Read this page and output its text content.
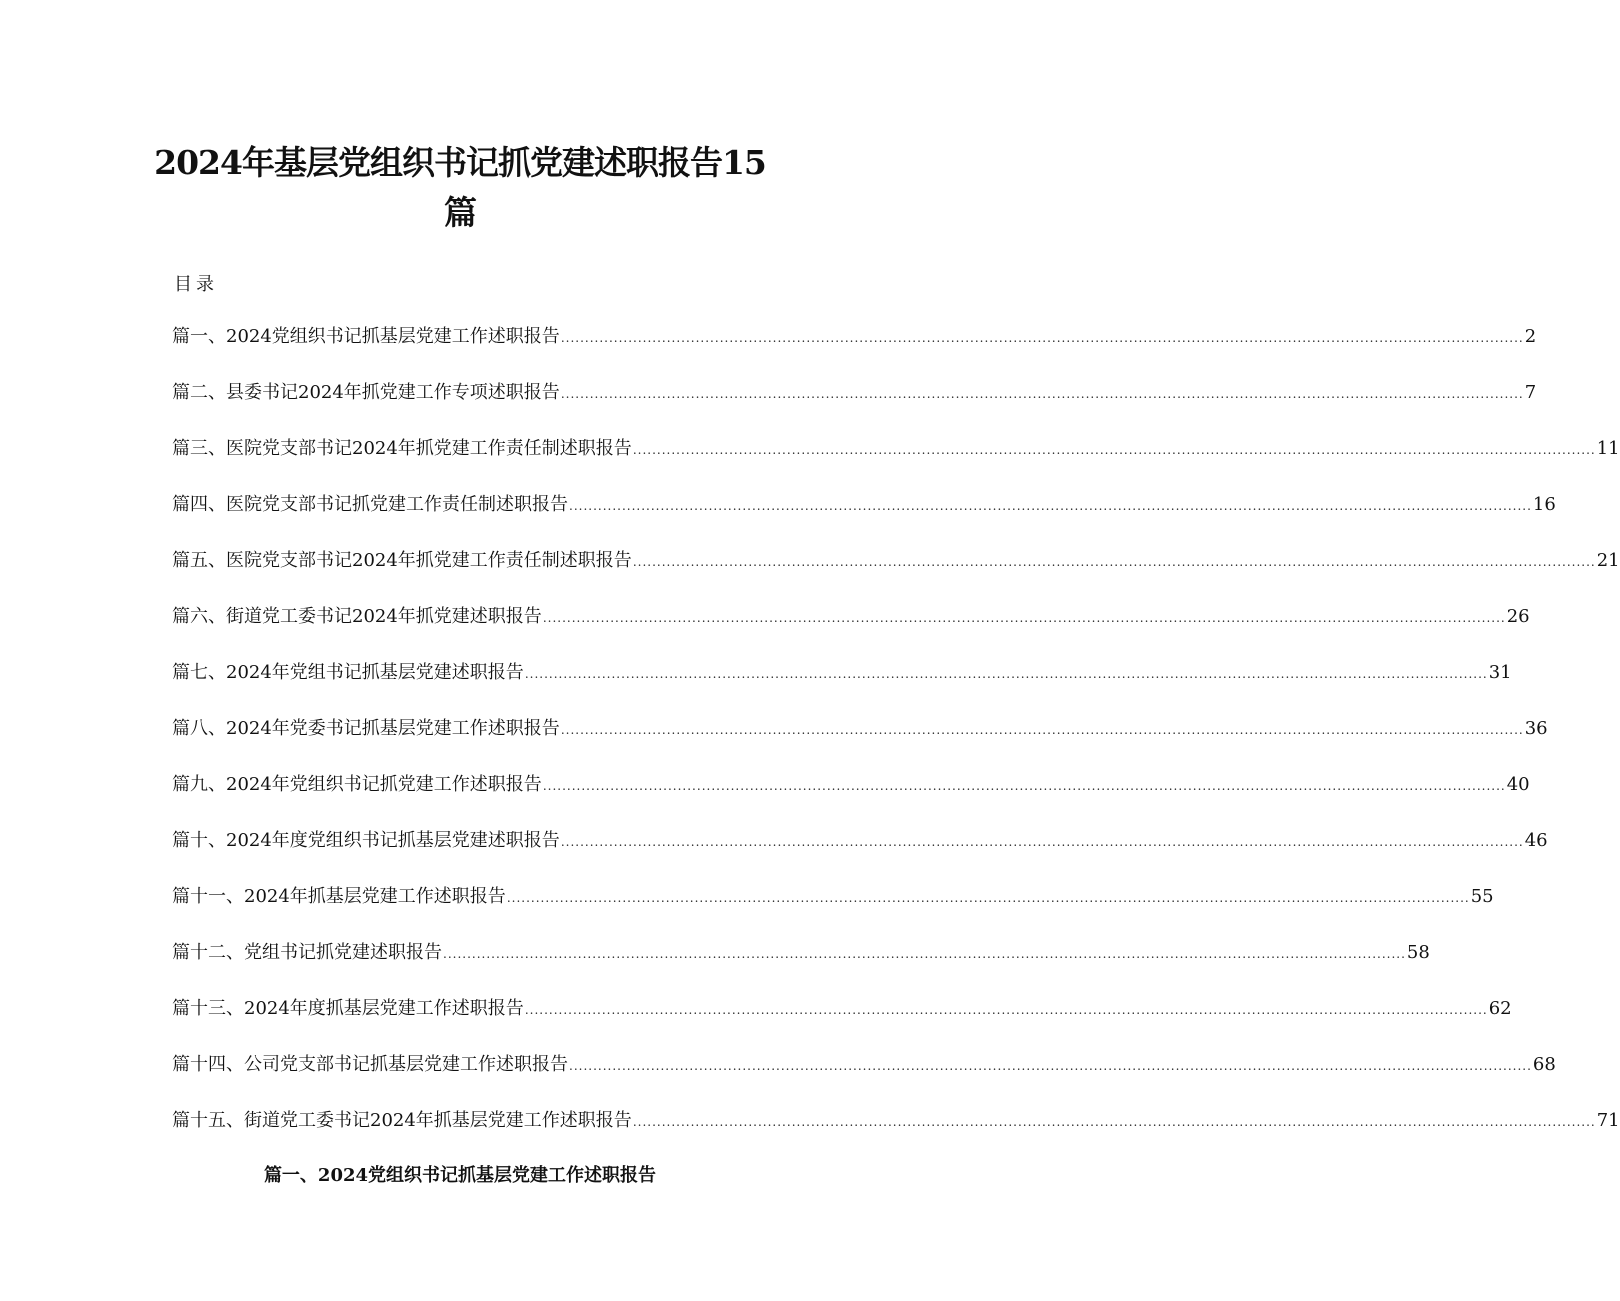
2024年基层党组织书记抓党建述职报告15篇
目录
篇一、2024党组织书记抓基层党建工作述职报告 ........................................................................................................................................................................................................ 2
篇二、县委书记2024年抓党建工作专项述职报告 ........................................................................................................................................................................................................ 7
篇三、医院党支部书记2024年抓党建工作责任制述职报告 ........................................................................................................................................................................................................ 11
篇四、医院党支部书记抓党建工作责任制述职报告 ........................................................................................................................................................................................................ 16
篇五、医院党支部书记2024年抓党建工作责任制述职报告 ........................................................................................................................................................................................................ 21
篇六、街道党工委书记2024年抓党建述职报告 ........................................................................................................................................................................................................ 26
篇七、2024年党组书记抓基层党建述职报告 ........................................................................................................................................................................................................ 31
篇八、2024年党委书记抓基层党建工作述职报告 ........................................................................................................................................................................................................ 36
篇九、2024年党组织书记抓党建工作述职报告 ........................................................................................................................................................................................................ 40
篇十、2024年度党组织书记抓基层党建述职报告 ........................................................................................................................................................................................................ 46
篇十一、2024年抓基层党建工作述职报告 ........................................................................................................................................................................................................ 55
篇十二、党组书记抓党建述职报告 ........................................................................................................................................................................................................ 58
篇十三、2024年度抓基层党建工作述职报告 ........................................................................................................................................................................................................ 62
篇十四、公司党支部书记抓基层党建工作述职报告 ........................................................................................................................................................................................................ 68
篇十五、街道党工委书记2024年抓基层党建工作述职报告 ........................................................................................................................................................................................................ 71
篇一、2024党组织书记抓基层党建工作述职报告
